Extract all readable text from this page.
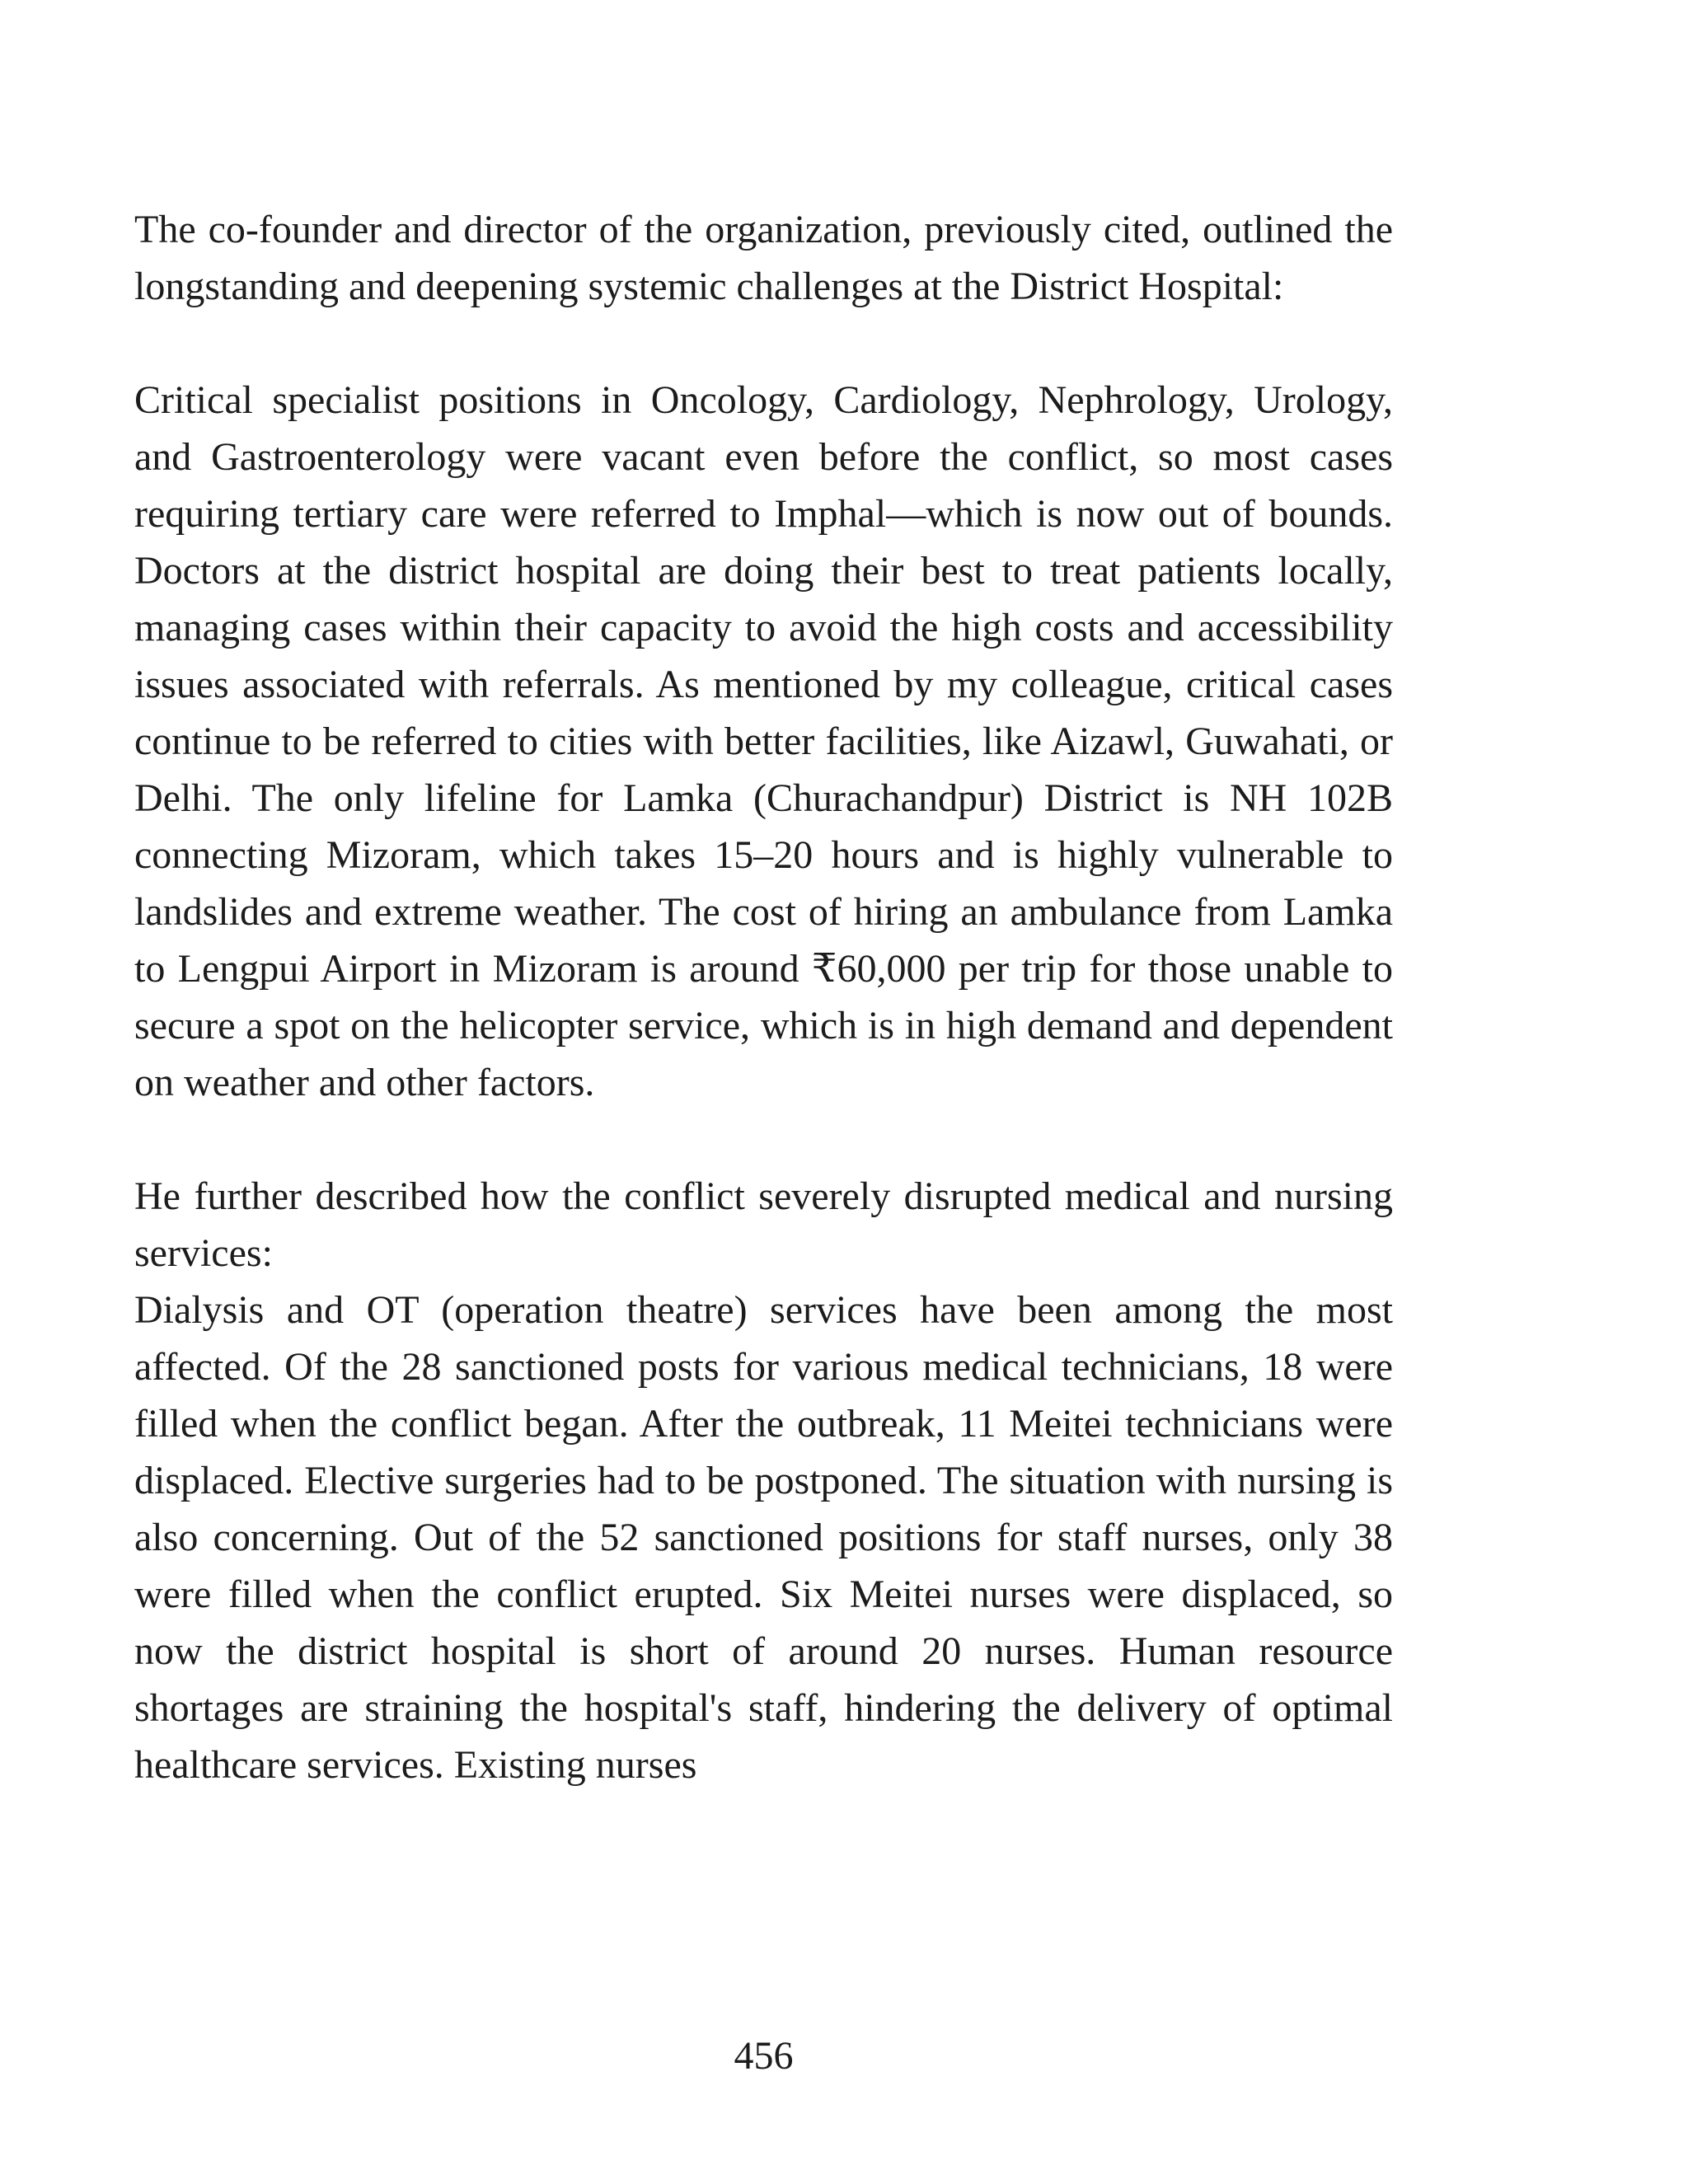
The co-founder and director of the organization, previously cited, outlined the longstanding and deepening systemic challenges at the District Hospital:

Critical specialist positions in Oncology, Cardiology, Nephrology, Urology, and Gastroenterology were vacant even before the conflict, so most cases requiring tertiary care were referred to Imphal—which is now out of bounds. Doctors at the district hospital are doing their best to treat patients locally, managing cases within their capacity to avoid the high costs and accessibility issues associated with referrals. As mentioned by my colleague, critical cases continue to be referred to cities with better facilities, like Aizawl, Guwahati, or Delhi. The only lifeline for Lamka (Churachandpur) District is NH 102B connecting Mizoram, which takes 15–20 hours and is highly vulnerable to landslides and extreme weather. The cost of hiring an ambulance from Lamka to Lengpui Airport in Mizoram is around ₹60,000 per trip for those unable to secure a spot on the helicopter service, which is in high demand and dependent on weather and other factors.

He further described how the conflict severely disrupted medical and nursing services:

Dialysis and OT (operation theatre) services have been among the most affected. Of the 28 sanctioned posts for various medical technicians, 18 were filled when the conflict began. After the outbreak, 11 Meitei technicians were displaced. Elective surgeries had to be postponed. The situation with nursing is also concerning. Out of the 52 sanctioned positions for staff nurses, only 38 were filled when the conflict erupted. Six Meitei nurses were displaced, so now the district hospital is short of around 20 nurses. Human resource shortages are straining the hospital's staff, hindering the delivery of optimal healthcare services. Existing nurses

456
